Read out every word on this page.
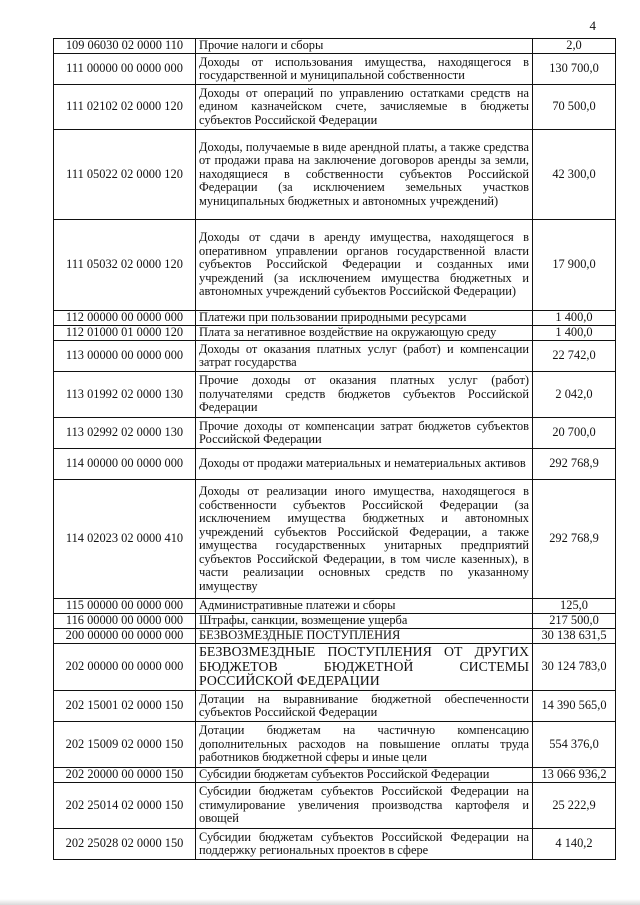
4
109 06030 02 0000 110	Прочие налоги и сборы	2,0
111 00000 00 0000 000	Доходы от использования имущества, находящегося в государственной и муниципальной собственности	130 700,0
111 02102 02 0000 120	Доходы от операций по управлению остатками средств на едином казначейском счете, зачисляемые в бюджеты субъектов Российской Федерации	70 500,0
111 05022 02 0000 120	Доходы, получаемые в виде арендной платы, а также средства от продажи права на заключение договоров аренды за земли, находящиеся в собственности субъектов Российской Федерации (за исключением земельных участков муниципальных бюджетных и автономных учреждений)	42 300,0
111 05032 02 0000 120	Доходы от сдачи в аренду имущества, находящегося в оперативном управлении органов государственной власти субъектов Российской Федерации и созданных ими учреждений (за исключением имущества бюджетных и автономных учреждений субъектов Российской Федерации)	17 900,0
112 00000 00 0000 000	Платежи при пользовании природными ресурсами	1 400,0
112 01000 01 0000 120	Плата за негативное воздействие на окружающую среду	1 400,0
113 00000 00 0000 000	Доходы от оказания платных услуг (работ) и компенсации затрат государства	22 742,0
113 01992 02 0000 130	Прочие доходы от оказания платных услуг (работ) получателями средств бюджетов субъектов Российской Федерации	2 042,0
113 02992 02 0000 130	Прочие доходы от компенсации затрат бюджетов субъектов Российской Федерации	20 700,0
114 00000 00 0000 000	Доходы от продажи материальных и нематериальных активов	292 768,9
114 02023 02 0000 410	Доходы от реализации иного имущества, находящегося в собственности субъектов Российской Федерации (за исключением имущества бюджетных и автономных учреждений субъектов Российской Федерации, а также имущества государственных унитарных предприятий субъектов Российской Федерации, в том числе казенных), в части реализации основных средств по указанному имуществу	292 768,9
115 00000 00 0000 000	Административные платежи и сборы	125,0
116 00000 00 0000 000	Штрафы, санкции, возмещение ущерба	217 500,0
200 00000 00 0000 000	БЕЗВОЗМЕЗДНЫЕ ПОСТУПЛЕНИЯ	30 138 631,5
202 00000 00 0000 000	БЕЗВОЗМЕЗДНЫЕ ПОСТУПЛЕНИЯ ОТ ДРУГИХ БЮДЖЕТОВ БЮДЖЕТНОЙ СИСТЕМЫ РОССИЙСКОЙ ФЕДЕРАЦИИ	30 124 783,0
202 15001 02 0000 150	Дотации на выравнивание бюджетной обеспеченности субъектов Российской Федерации	14 390 565,0
202 15009 02 0000 150	Дотации бюджетам на частичную компенсацию дополнительных расходов на повышение оплаты труда работников бюджетной сферы и иные цели	554 376,0
202 20000 00 0000 150	Субсидии бюджетам субъектов Российской Федерации	13 066 936,2
202 25014 02 0000 150	Субсидии бюджетам субъектов Российской Федерации на стимулирование увеличения производства картофеля и овощей	25 222,9
202 25028 02 0000 150	Субсидии бюджетам субъектов Российской Федерации на поддержку региональных проектов в сфере	4 140,2
